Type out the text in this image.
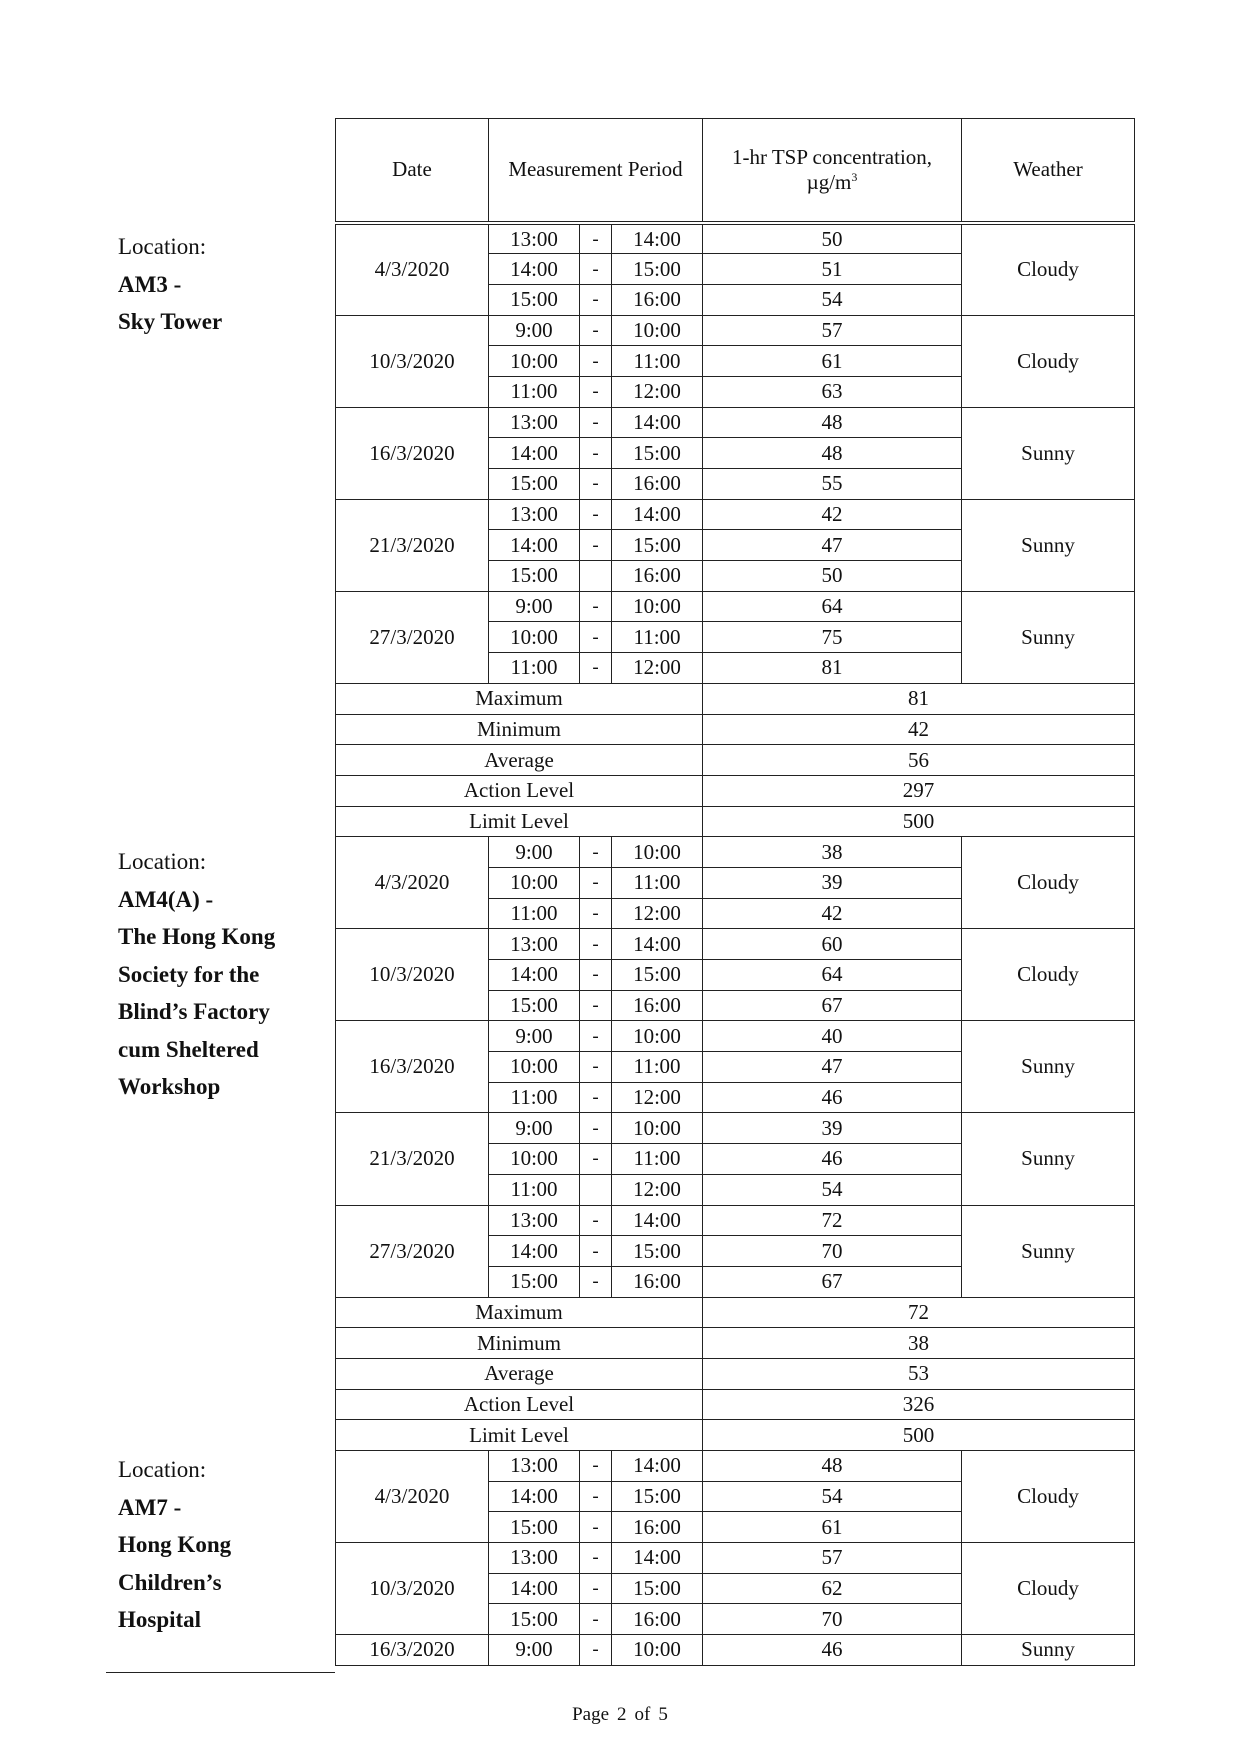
Date	Measurement Period			1-hr TSP concentration,
$\mu g/m^3$	Weather
4/3/2020	13:00	-	14:00	50	Cloudy
	14:00	-	15:00	51	
	15:00	-	16:00	54	
10/3/2020	9:00	-	10:00	57	Cloudy
	10:00	-	11:00	61	
	11:00	-	12:00	63	
16/3/2020	13:00	-	14:00	48	Sunny
	14:00	-	15:00	48	
	15:00	-	16:00	55	
21/3/2020	13:00	-	14:00	42	Sunny
	14:00	-	15:00	47	
	15:00		16:00	50	
27/3/2020	9:00	-	10:00	64	Sunny
	10:00	-	11:00	75	
	11:00	-	12:00	81	
Maximum				81	
Minimum				42	
Average				56	
Action Level				297	
Limit Level				500	
4/3/2020	9:00	-	10:00	38	Cloudy
	10:00	-	11:00	39	
	11:00	-	12:00	42	
10/3/2020	13:00	-	14:00	60	Cloudy
	14:00	-	15:00	64	
	15:00	-	16:00	67	
16/3/2020	9:00	-	10:00	40	Sunny
	10:00	-	11:00	47	
	11:00	-	12:00	46	
21/3/2020	9:00	-	10:00	39	Sunny
	10:00	-	11:00	46	
	11:00		12:00	54	
27/3/2020	13:00	-	14:00	72	Sunny
	14:00	-	15:00	70	
	15:00	-	16:00	67	
Maximum				72	
Minimum				38	
Average				53	
Action Level				326	
Limit Level				500	
4/3/2020	13:00	-	14:00	48	Cloudy
	14:00	-	15:00	54	
	15:00	-	16:00	61	
10/3/2020	13:00	-	14:00	57	Cloudy
	14:00	-	15:00	62	
	15:00	-	16:00	70	
16/3/2020	9:00	-	10:00	46	Sunny
Location:
AM3 -
Sky Tower
Location:
AM4(A) -
The Hong Kong
Society for the
Blind’s Factory
cum Sheltered
Workshop
Location:
AM7 -
Hong Kong
Children’s
Hospital
Page 2 of 5
